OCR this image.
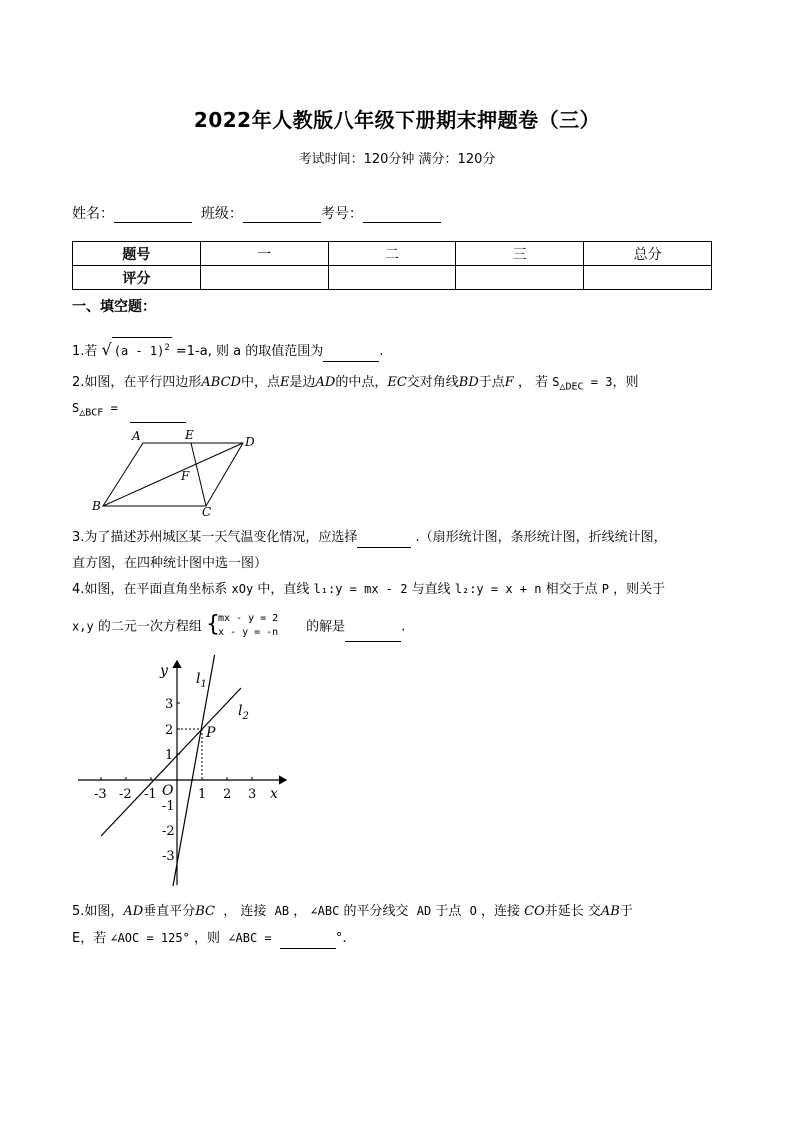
2022年人教版八年级下册期末押题卷（三）
考试时间：120分钟 满分：120分
姓名：	班级：	考号：
题号	一	二	三	总分
评分				
一、填空题：
1.若 √ (a - 1)$^2$ =1-a, 则 a 的取值范围为	.
2.如图，在平行四边形ABCD中，点E是边AD的中点，EC交对角线BD于点F ， 若 $S_{\triangle DEC} = 3$，则
$S_{\triangle BCF}$ =
A	E	D
F
B	C
3.为了描述苏州城区某一天气温变化情况，应选择	.（扇形统计图，条形统计图，折线统计图，
直方图，在四种统计图中选一图）
4.如图，在平面直角坐标系 xOy 中，直线 l₁:y = mx - 2 与直线 l₂:y = x + n 相交于点 P ，则关于
x,y 的二元一次方程组 {
mx - y = 2
x - y = -n 的解是	.
-3 -2 -1	1 2 3
3
2
1
-1
-2
-3
y
x
O
P
$l_1$
$l_2$
5.如图，AD垂直平分BC ， 连接 AB ， ∠ABC 的平分线交 AD 于点 O ，连接 CO并延长 交AB于
E，若 ∠AOC = 125° ，则 ∠ABC =	°.
